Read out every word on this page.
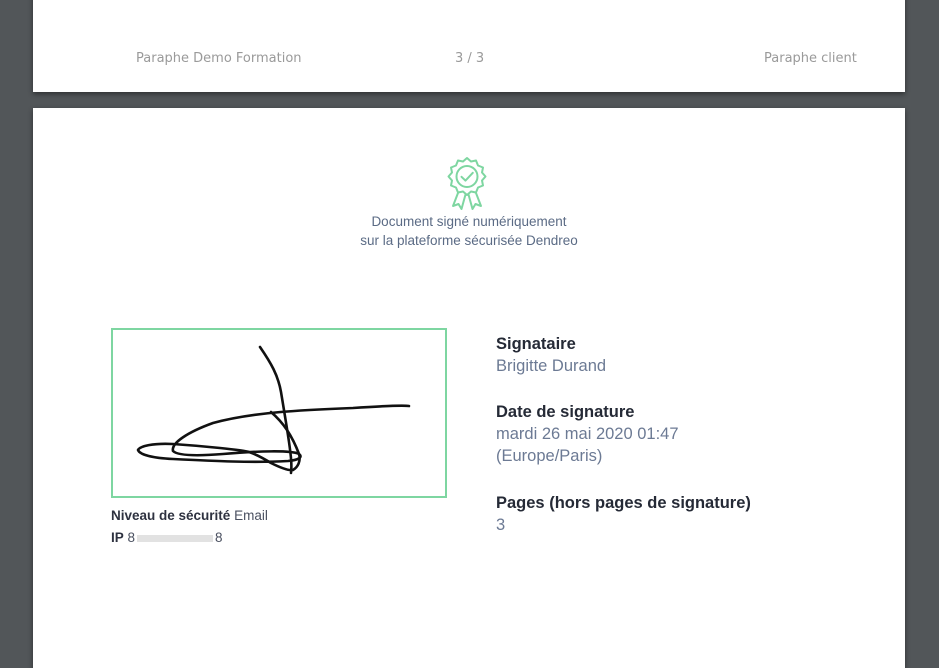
Paraphe Demo Formation	3 / 3	Paraphe client
Document signé numériquement
sur la plateforme sécurisée Dendreo
Niveau de sécurité Email
IP 8	8
Signataire
Brigitte Durand
Date de signature
mardi 26 mai 2020 01:47
(Europe/Paris)
Pages (hors pages de signature)
3
